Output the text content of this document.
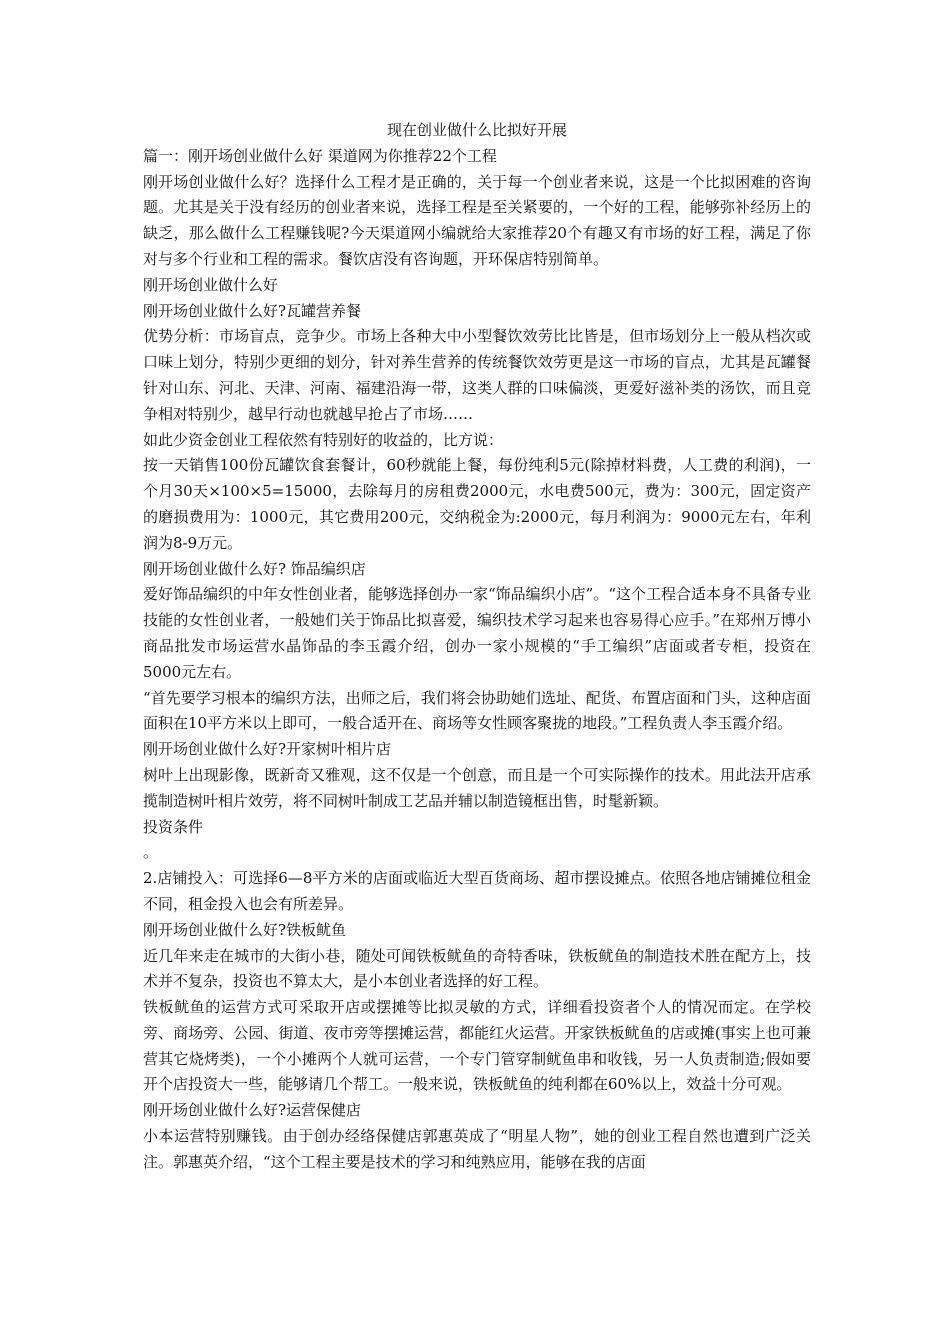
现在创业做什么比拟好开展

篇一：刚开场创业做什么好 渠道网为你推荐22个工程

刚开场创业做什么好？选择什么工程才是正确的，关于每一个创业者来说，这是一个比拟困难的咨询题。尤其是关于没有经历的创业者来说，选择工程是至关紧要的，一个好的工程，能够弥补经历上的缺乏，那么做什么工程赚钱呢?今天渠道网小编就给大家推荐20个有趣又有市场的好工程，满足了你对与多个行业和工程的需求。餐饮店没有咨询题，开环保店特别简单。

刚开场创业做什么好

刚开场创业做什么好?瓦罐营养餐

优势分析：市场盲点，竞争少。市场上各种大中小型餐饮效劳比比皆是，但市场划分上一般从档次或口味上划分，特别少更细的划分，针对养生营养的传统餐饮效劳更是这一市场的盲点，尤其是瓦罐餐针对山东、河北、天津、河南、福建沿海一带，这类人群的口味偏淡，更爱好滋补类的汤饮，而且竞争相对特别少，越早行动也就越早抢占了市场……

如此少资金创业工程依然有特别好的收益的，比方说：

按一天销售100份瓦罐饮食套餐计，60秒就能上餐，每份纯利5元(除掉材料费，人工费的利润)，一个月30天×100×5=15000，去除每月的房租费2000元，水电费500元，费为：300元，固定资产的磨损费用为：1000元，其它费用200元，交纳税金为:2000元，每月利润为：9000元左右，年利润为8-9万元。

刚开场创业做什么好? 饰品编织店

爱好饰品编织的中年女性创业者，能够选择创办一家“饰品编织小店”。“这个工程合适本身不具备专业技能的女性创业者，一般她们关于饰品比拟喜爱，编织技术学习起来也容易得心应手。”在郑州万博小商品批发市场运营水晶饰品的李玉霞介绍，创办一家小规模的“手工编织”店面或者专柜，投资在5000元左右。

“首先要学习根本的编织方法，出师之后，我们将会协助她们选址、配货、布置店面和门头，这种店面面积在10平方米以上即可，一般合适开在、商场等女性顾客聚拢的地段。”工程负责人李玉霞介绍。

刚开场创业做什么好?开家树叶相片店

树叶上出现影像，既新奇又雅观，这不仅是一个创意，而且是一个可实际操作的技术。用此法开店承揽制造树叶相片效劳，将不同树叶制成工艺品并辅以制造镜框出售，时髦新颖。

投资条件

。

2.店铺投入：可选择6—8平方米的店面或临近大型百货商场、超市摆设摊点。依照各地店铺摊位租金不同，租金投入也会有所差异。

刚开场创业做什么好?铁板鱿鱼

近几年来走在城市的大街小巷，随处可闻铁板鱿鱼的奇特香味，铁板鱿鱼的制造技术胜在配方上，技术并不复杂，投资也不算太大，是小本创业者选择的好工程。

铁板鱿鱼的运营方式可采取开店或摆摊等比拟灵敏的方式，详细看投资者个人的情况而定。在学校旁、商场旁、公园、街道、夜市旁等摆摊运营，都能红火运营。开家铁板鱿鱼的店或摊(事实上也可兼营其它烧烤类)，一个小摊两个人就可运营，一个专门管穿制鱿鱼串和收钱，另一人负责制造;假如要开个店投资大一些，能够请几个帮工。一般来说，铁板鱿鱼的纯利都在60%以上，效益十分可观。

刚开场创业做什么好?运营保健店

小本运营特别赚钱。由于创办经络保健店郭惠英成了“明星人物”，她的创业工程自然也遭到广泛关注。郭惠英介绍，“这个工程主要是技术的学习和纯熟应用，能够在我的店面
